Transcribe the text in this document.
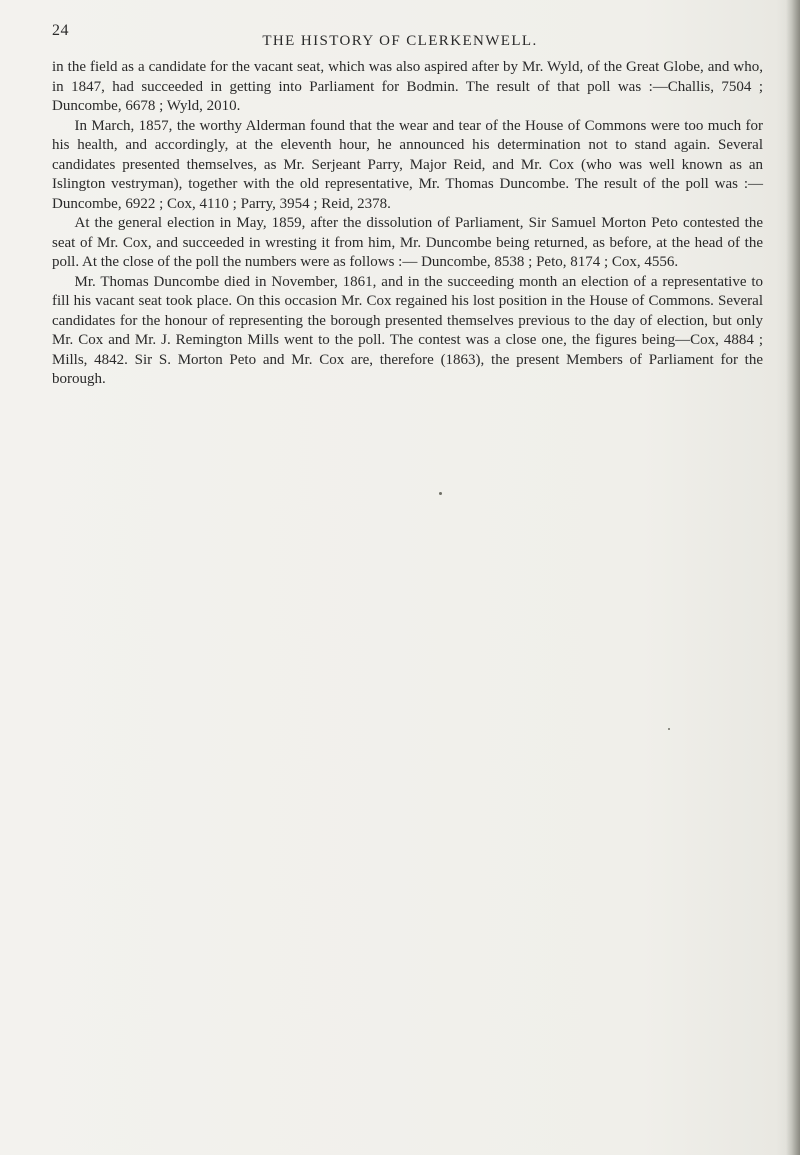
24
THE HISTORY OF CLERKENWELL.

in the field as a candidate for the vacant seat, which was also aspired after by Mr. Wyld, of the Great Globe, and who, in 1847, had succeeded in getting into Parliament for Bodmin. The result of that poll was :—Challis, 7504 ; Duncombe, 6678 ; Wyld, 2010.

In March, 1857, the worthy Alderman found that the wear and tear of the House of Commons were too much for his health, and accordingly, at the eleventh hour, he announced his determination not to stand again. Several candidates presented themselves, as Mr. Serjeant Parry, Major Reid, and Mr. Cox (who was well known as an Islington vestryman), together with the old representative, Mr. Thomas Duncombe. The result of the poll was :—Duncombe, 6922 ; Cox, 4110 ; Parry, 3954 ; Reid, 2378.

At the general election in May, 1859, after the dissolution of Parliament, Sir Samuel Morton Peto contested the seat of Mr. Cox, and succeeded in wresting it from him, Mr. Duncombe being returned, as before, at the head of the poll. At the close of the poll the numbers were as follows :— Duncombe, 8538 ; Peto, 8174 ; Cox, 4556.

Mr. Thomas Duncombe died in November, 1861, and in the succeeding month an election of a representative to fill his vacant seat took place. On this occasion Mr. Cox regained his lost position in the House of Commons. Several candidates for the honour of representing the borough presented themselves previous to the day of election, but only Mr. Cox and Mr. J. Remington Mills went to the poll. The contest was a close one, the figures being—Cox, 4884 ; Mills, 4842. Sir S. Morton Peto and Mr. Cox are, therefore (1863), the present Members of Parliament for the borough.
